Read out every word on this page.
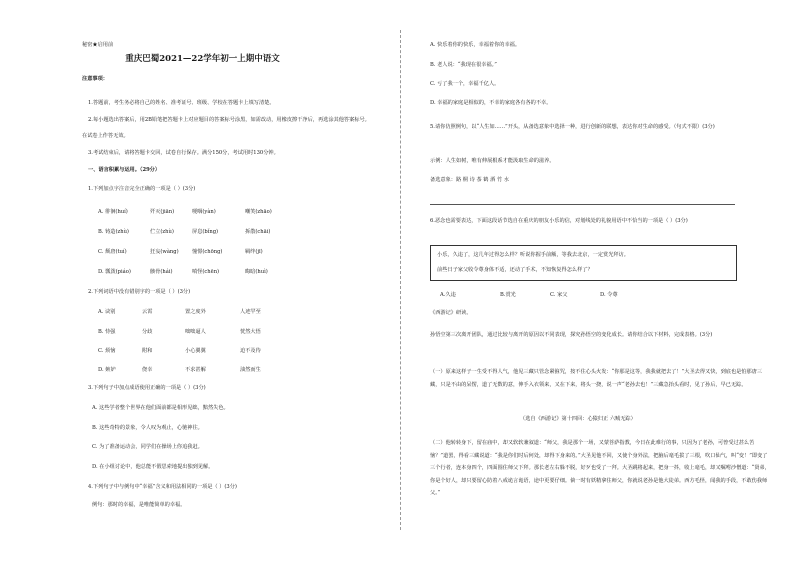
秘密★启用前
重庆巴蜀2021—22学年初一上期中语文
注意事项：
1.答题前，考生务必将自己的姓名、准考证号、班级、学校在答题卡上填写清楚。
2.每小题选出答案后，用2B铅笔把答题卡上对应题目的答案标号涂黑，如需改动，用橡皮擦干净后，再选涂其他答案标号。
在试卷上作答无效。
3.考试结束后，请将答题卡交回，试卷自行保存。满分150分，考试用时130分钟。
一、语言积累与运用。（29分）
1.下列加点字注音完全正确的一项是（ ）(3分)
A. 徘徊(huí)	歼灭(jiān)	哽咽(yàn)	嘲笑(zhāo)
B. 铸造(zhù)	伫立(zhù)	屏息(bǐng)	拆散(chāi)
C. 颓唐(tuí)	狂妄(wàng)	憧憬(chōng)	羁绊(jī)
D. 瓢泼(piáo)	骸骨(hái)	嗔怪(chēn)	晦暗(huì)
2.下列词语中没有错别字的一项是（ ）(3分)
A. 诀别	云霄	置之度外	人迹罕至
B. 恃强	分歧	咄咄逼人	恍然大悟
C. 烦恼	附和	小心翼翼	迫不及待
D. 嫉妒	侥幸	不求甚解	油然而生
3.下列句子中加点成语使用正确的一项是（ ）(3分)
A. 这些学者整个世界在他们面前都是相形见绌，黯然失色。
B. 这些奇特的景象，令人叹为观止，心驰神往。
C. 为了准备运动会，同学们在操场上你追我赶。
D. 在小组讨论中，他总能不假思索地提出独到见解。
4.下列句子中与例句中“幸福”含义和用法相同的一项是（ ）(3分)
例句：那时的幸福，是唯能简单的幸福。
A. 快乐着你的快乐，幸福着你的幸福。
B. 老人说：“我现在很幸福。”
C. 亏了我一个，幸福千亿人。
D. 幸福的家庭是相似的，不幸的家庭各有各的不幸。
5.请你仿照例句，以“人生如……”开头，从备选意象中选择一种，进行创新的联想，表达你对生命的感受。（句式不限）(3分)
示例：人生如树，唯有伸展根系才能汲取生命的滋养。
备选意象：路 桐 诗 茶 鹤 酒 竹 水
6.恶念也需要表达，下面这段话节选自在重庆的朋友小乐的信，对划线处的礼貌用语中不恰当的一项是（ ）(3分)
小乐，久违了，这几年过得怎么样？听说你握手前额，等我去北京，一定赏光拜访。
前些日子家父收令尊身体不适，还动了手术，不知恢复得怎么样了？
A.久违	B.赏光	C. 家父	D. 令尊
《西游记》研读。
孙悟空第三次离开团队，通过比较与离开的原因以不同表现，探究孙悟空的变化成长。请你结合以下材料，完成表格。(3分)
（一）原来这样子一生受不得人气，他见三藏只管念紧箍咒，按不住心头火发：“你那是这等，我我就把去了！”大圣去得又快，到底也是怕那唐三藏，只是不由的呆愣，道了无数的意，伸手入衣领来，又在下来，将头一挠，说一声“老孙去也！”三藏急抬头看时，见了孙后，早已无踪。
（选自《西游记》第十四回：心猿归正 六贼无踪）
（二）他转转身下，留在庙中，却又软软兼叙道：“师父，我是那个一场，又蒙菩萨指教，今日在此难行的事，只因为了老孙，可曾受过甚么苦恼？”道罢，得看三藏说道：“我是你们时后何处，却得下身来的。”大圣见他不回，又使个身外法，把脑后毫毛拔了三根，吹口仙气，叫“变！”即变了三个行者，连本身四个，四面围住师父下拜。那长老左右躲不脱，好歹也受了一拜。大圣跳将起来，把身一抖，收上毫毛，却又嘱咐沙僧道：“贤弟，你是个好人，却只要留心防着八戒诡言诡语，途中更要仔细。倘一时有妖精拿住师父，你就说老孙是他大徒弟。西方毛怪，闻我的手段，不敢伤我师父。”
